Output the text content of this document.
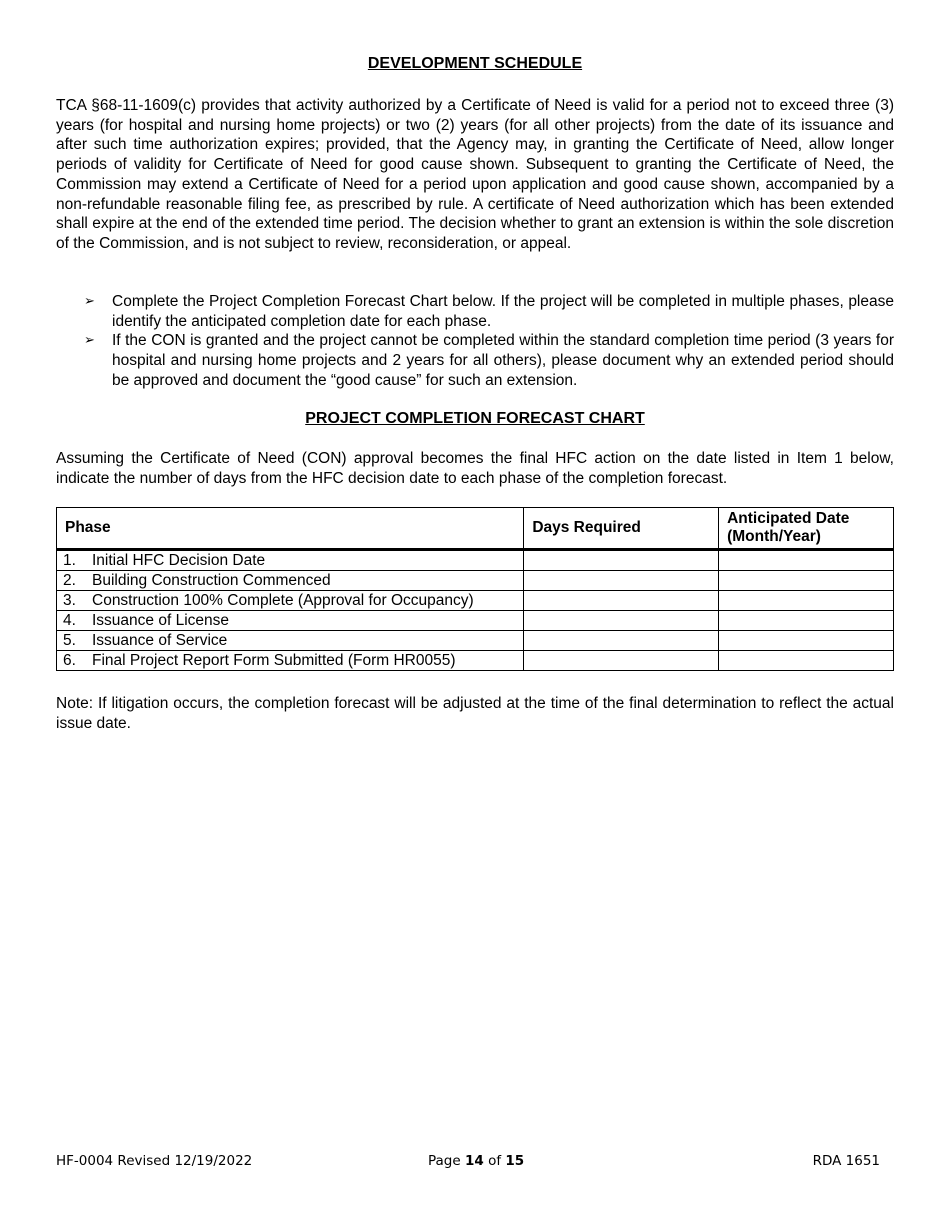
DEVELOPMENT SCHEDULE

TCA §68-11-1609(c) provides that activity authorized by a Certificate of Need is valid for a period not to exceed three (3) years (for hospital and nursing home projects) or two (2) years (for all other projects) from the date of its issuance and after such time authorization expires; provided, that the Agency may, in granting the Certificate of Need, allow longer periods of validity for Certificate of Need for good cause shown. Subsequent to granting the Certificate of Need, the Commission may extend a Certificate of Need for a period upon application and good cause shown, accompanied by a non-refundable reasonable filing fee, as prescribed by rule. A certificate of Need authorization which has been extended shall expire at the end of the extended time period. The decision whether to grant an extension is within the sole discretion of the Commission, and is not subject to review, reconsideration, or appeal.

➢ Complete the Project Completion Forecast Chart below. If the project will be completed in multiple phases, please identify the anticipated completion date for each phase.
➢ If the CON is granted and the project cannot be completed within the standard completion time period (3 years for hospital and nursing home projects and 2 years for all others), please document why an extended period should be approved and document the “good cause” for such an extension.
PROJECT COMPLETION FORECAST CHART

Assuming the Certificate of Need (CON) approval becomes the final HFC action on the date listed in Item 1 below, indicate the number of days from the HFC decision date to each phase of the completion forecast.

Phase	Days Required	Anticipated Date
(Month/Year)

1. Initial HFC Decision Date		
2. Building Construction Commenced		
3. Construction 100% Complete (Approval for Occupancy)		
4. Issuance of License		
5. Issuance of Service		
6. Final Project Report Form Submitted (Form HR0055)		

Note: If litigation occurs, the completion forecast will be adjusted at the time of the final determination to reflect the actual issue date.

HF-0004 Revised 12/19/2022	Page 14 of 15	RDA 1651
